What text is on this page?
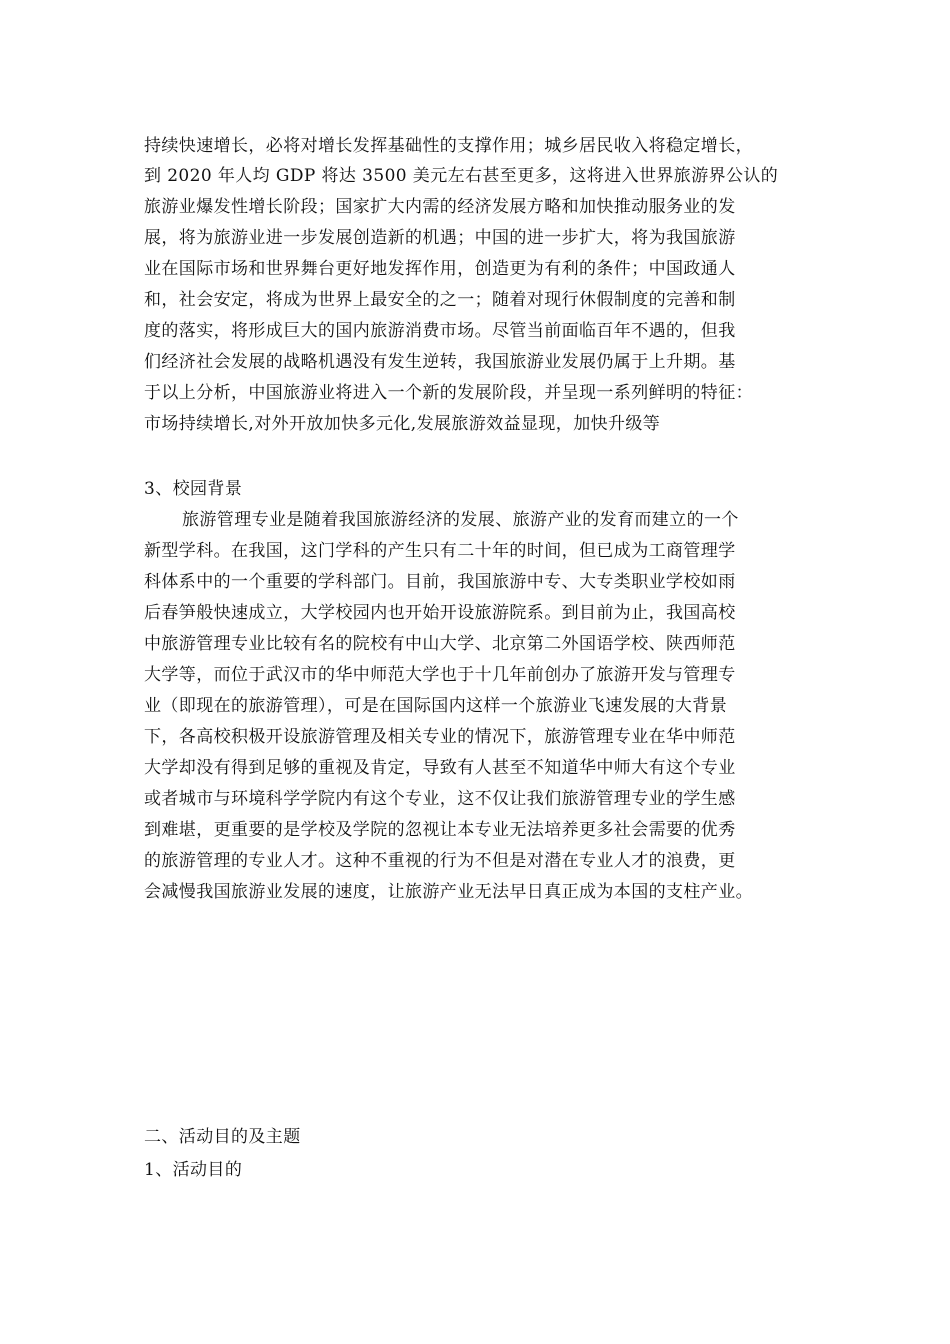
持续快速增长，必将对增长发挥基础性的支撑作用；城乡居民收入将稳定增长，
到 2020 年人均 GDP 将达 3500 美元左右甚至更多，这将进入世界旅游界公认的
旅游业爆发性增长阶段；国家扩大内需的经济发展方略和加快推动服务业的发
展，将为旅游业进一步发展创造新的机遇；中国的进一步扩大，将为我国旅游
业在国际市场和世界舞台更好地发挥作用，创造更为有利的条件；中国政通人
和，社会安定，将成为世界上最安全的之一；随着对现行休假制度的完善和制
度的落实，将形成巨大的国内旅游消费市场。尽管当前面临百年不遇的，但我
们经济社会发展的战略机遇没有发生逆转，我国旅游业发展仍属于上升期。基
于以上分析，中国旅游业将进入一个新的发展阶段，并呈现一系列鲜明的特征：
市场持续增长,对外开放加快多元化,发展旅游效益显现，加快升级等
3、校园背景
旅游管理专业是随着我国旅游经济的发展、旅游产业的发育而建立的一个
新型学科。在我国，这门学科的产生只有二十年的时间，但已成为工商管理学
科体系中的一个重要的学科部门。目前，我国旅游中专、大专类职业学校如雨
后春笋般快速成立，大学校园内也开始开设旅游院系。到目前为止，我国高校
中旅游管理专业比较有名的院校有中山大学、北京第二外国语学校、陕西师范
大学等，而位于武汉市的华中师范大学也于十几年前创办了旅游开发与管理专
业（即现在的旅游管理），可是在国际国内这样一个旅游业飞速发展的大背景
下，各高校积极开设旅游管理及相关专业的情况下，旅游管理专业在华中师范
大学却没有得到足够的重视及肯定，导致有人甚至不知道华中师大有这个专业
或者城市与环境科学学院内有这个专业，这不仅让我们旅游管理专业的学生感
到难堪，更重要的是学校及学院的忽视让本专业无法培养更多社会需要的优秀
的旅游管理的专业人才。这种不重视的行为不但是对潜在专业人才的浪费，更
会减慢我国旅游业发展的速度，让旅游产业无法早日真正成为本国的支柱产业。
二、活动目的及主题
1、活动目的
